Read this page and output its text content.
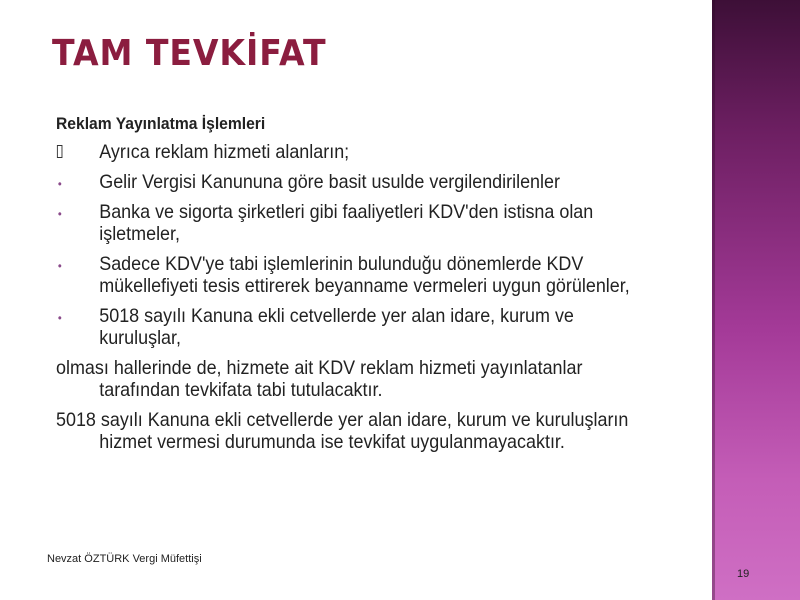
TAM TEVKİFAT
Reklam Yayınlatma İşlemleri
Ayrıca reklam hizmeti alanların;
•	Gelir Vergisi Kanununa göre basit usulde vergilendirilenler
•	Banka ve sigorta şirketleri gibi faaliyetleri KDV'den istisna olan işletmeler,
•	Sadece KDV'ye tabi işlemlerinin bulunduğu dönemlerde KDV mükellefiyeti tesis ettirerek beyanname vermeleri uygun görülenler,
•	5018 sayılı Kanuna ekli cetvellerde yer alan idare, kurum ve kuruluşlar,

olması hallerinde de, hizmete ait KDV reklam hizmeti yayınlatanlar tarafından tevkifata tabi tutulacaktır.

5018 sayılı Kanuna ekli cetvellerde yer alan idare, kurum ve kuruluşların hizmet vermesi durumunda ise tevkifat uygulanmayacaktır.

Nevzat ÖZTÜRK Vergi Müfettişi
19
